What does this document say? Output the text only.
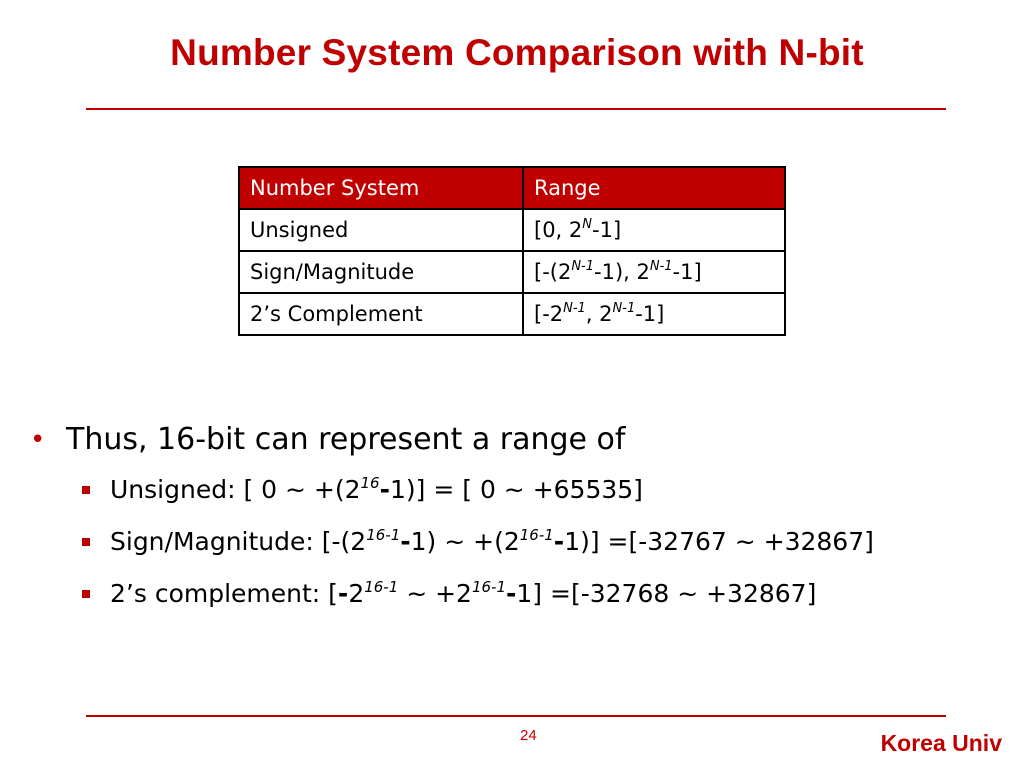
Number System Comparison with N-bit
Number System	Range
Unsigned	[0, $2^N-1$]
Sign/Magnitude	[$-(2^{N-1}-1)$, $2^{N-1}-1$]
2’s Complement	[$-2^{N-1}$, $2^{N-1}-1$]
• Thus, 16-bit can represent a range of
Unsigned: [ 0 ~ $+(2^{16}-1)$] = [ 0 ~ +65535]
Sign/Magnitude: [-(2$^{16-1}$-1) ~ $+(2^{16-1}-1)] =[-32767$ ~ +32867]
2’s complement: [-2$^{16-1}$ ~ $+2^{16-1}-1] =[-32768$ ~ +32867]
24	Korea Univ
